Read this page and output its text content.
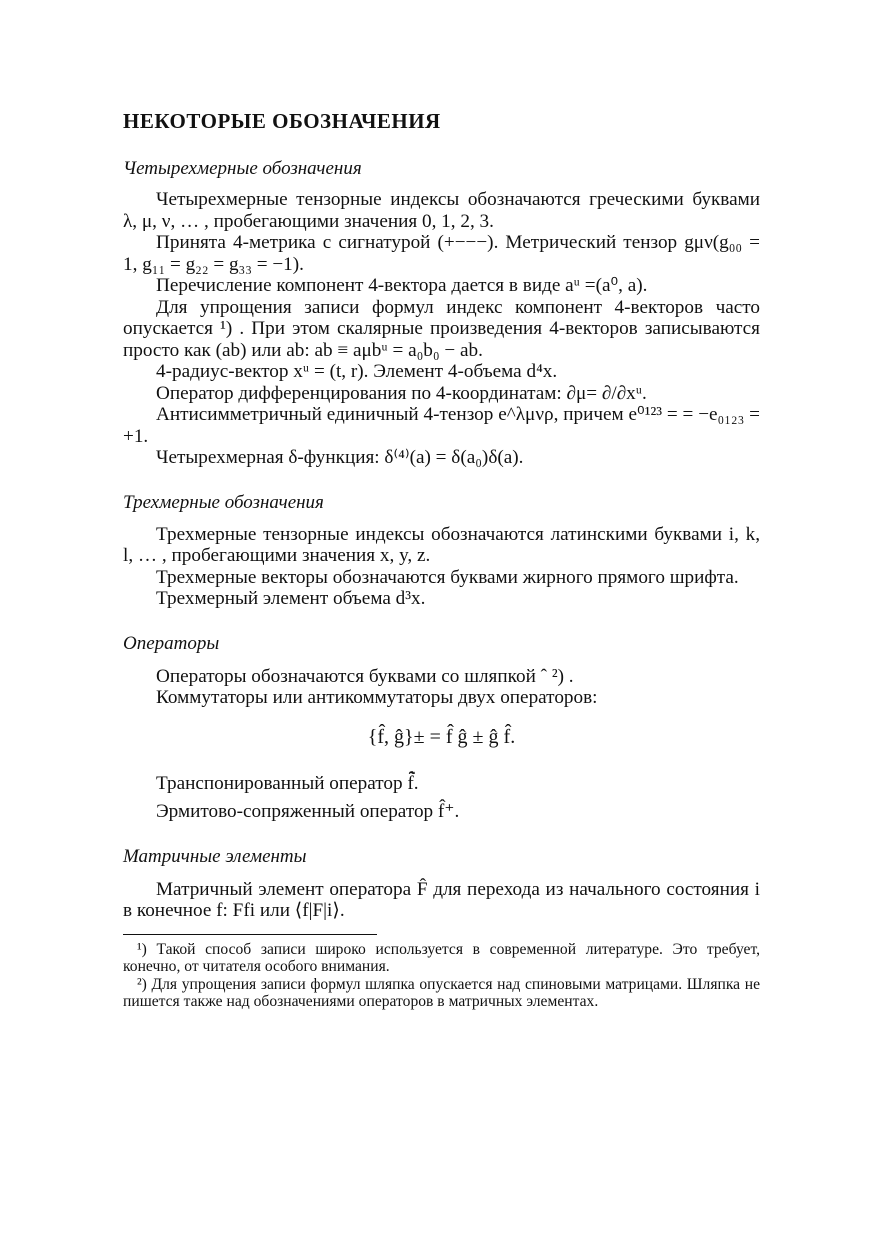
НЕКОТОРЫЕ ОБОЗНАЧЕНИЯ
Четырехмерные обозначения

Четырехмерные тензорные индексы обозначаются греческими буквами λ, μ, ν, … , пробегающими значения 0, 1, 2, 3.

Принята 4-метрика с сигнатурой (+−−−). Метрический тензор gμν(g₀₀ = 1, g₁₁ = g₂₂ = g₃₃ = −1).

Перечисление компонент 4-вектора дается в виде aᵘ =(a⁰, a).

Для упрощения записи формул индекс компонент 4-векторов часто опускается ¹) . При этом скалярные произведения 4-векторов записываются просто как (ab) или ab: ab ≡ aμbᵘ = a₀b₀ − ab.

4-радиус-вектор xᵘ = (t, r). Элемент 4-объема d⁴x.

Оператор дифференцирования по 4-координатам: ∂μ= ∂/∂xᵘ.

Антисимметричный единичный 4-тензор e^λμνρ, причем e⁰¹²³ = = −e₀₁₂₃ = +1.

Четырехмерная δ-функция: δ⁽⁴⁾(a) = δ(a₀)δ(a).

Трехмерные обозначения

Трехмерные тензорные индексы обозначаются латинскими буквами i, k, l, … , пробегающими значения x, y, z.

Трехмерные векторы обозначаются буквами жирного прямого шрифта.

Трехмерный элемент объема d³x.

Операторы

Операторы обозначаются буквами со шляпкой ˆ ²) .

Коммутаторы или антикоммутаторы двух операторов:

{f̂, ĝ}± = f̂ ĝ ± ĝ f̂.

Транспонированный оператор f̃̂.

Эрмитово-сопряженный оператор f̂⁺.

Матричные элементы

Матричный элемент оператора F̂ для перехода из начального состояния i в конечное f: Ffi или ⟨f|F|i⟩.

¹) Такой способ записи широко используется в современной литературе. Это требует, конечно, от читателя особого внимания.

²) Для упрощения записи формул шляпка опускается над спиновыми матрицами. Шляпка не пишется также над обозначениями операторов в матричных элементах.
